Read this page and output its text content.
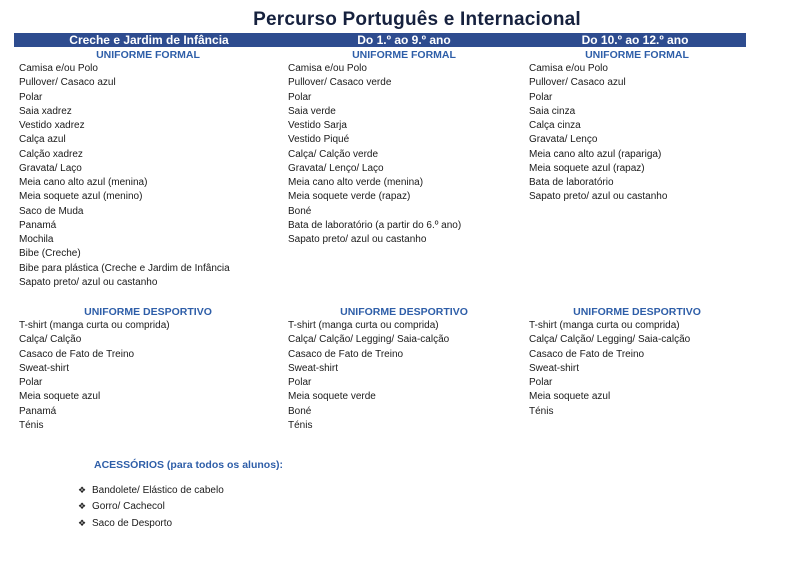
Percurso Português e Internacional
Creche e Jardim de Infância	Do 1.º ao 9.º ano	Do 10.º ao 12.º ano
UNIFORME FORMAL
Camisa e/ou Polo
Pullover/ Casaco azul
Polar
Saia xadrez
Vestido xadrez
Calça azul
Calção xadrez
Gravata/ Laço
Meia cano alto azul (menina)
Meia soquete azul (menino)
Saco de Muda
Panamá
Mochila
Bibe (Creche)
Bibe para plástica (Creche e Jardim de Infância
Sapato preto/ azul ou castanho
UNIFORME FORMAL
Camisa e/ou Polo
Pullover/ Casaco verde
Polar
Saia verde
Vestido Sarja
Vestido Piqué
Calça/ Calção verde
Gravata/ Lenço/ Laço
Meia cano alto verde (menina)
Meia soquete verde (rapaz)
Boné
Bata de laboratório (a partir do 6.º ano)
Sapato preto/ azul ou castanho
UNIFORME FORMAL
Camisa e/ou Polo
Pullover/ Casaco azul
Polar
Saia cinza
Calça cinza
Gravata/ Lenço
Meia cano alto azul (rapariga)
Meia soquete azul (rapaz)
Bata de laboratório
Sapato preto/ azul ou castanho
UNIFORME DESPORTIVO
T-shirt (manga curta ou comprida)
Calça/ Calção
Casaco de Fato de Treino
Sweat-shirt
Polar
Meia soquete azul
Panamá
Ténis
UNIFORME DESPORTIVO
T-shirt (manga curta ou comprida)
Calça/ Calção/ Legging/ Saia-calção
Casaco de Fato de Treino
Sweat-shirt
Polar
Meia soquete verde
Boné
Ténis
UNIFORME DESPORTIVO
T-shirt (manga curta ou comprida)
Calça/ Calção/ Legging/ Saia-calção
Casaco de Fato de Treino
Sweat-shirt
Polar
Meia soquete azul
Ténis
ACESSÓRIOS (para todos os alunos):
❖ Bandolete/ Elástico de cabelo
❖ Gorro/ Cachecol
❖ Saco de Desporto
